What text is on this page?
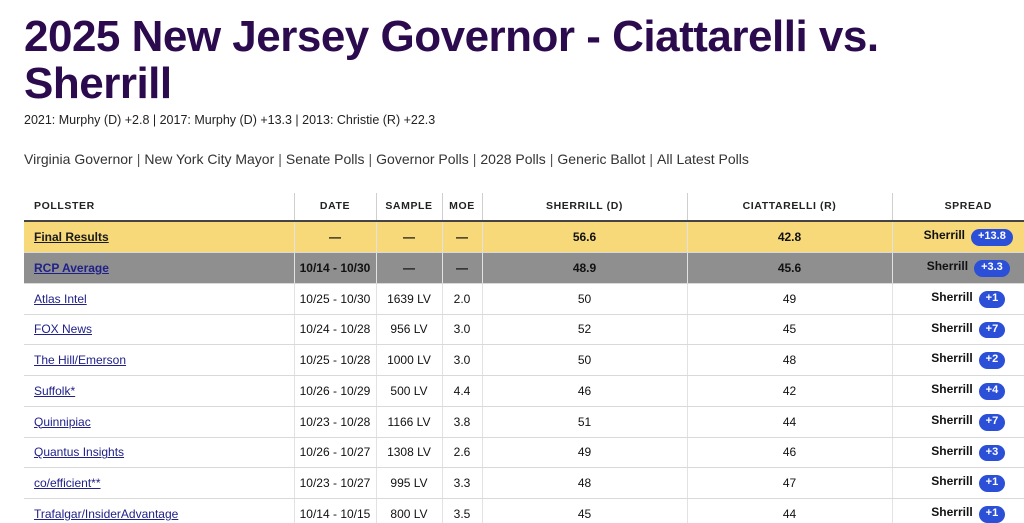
2025 New Jersey Governor - Ciattarelli vs. Sherrill
2021: Murphy (D) +2.8 | 2017: Murphy (D) +13.3 | 2013: Christie (R) +22.3
Virginia Governor | New York City Mayor | Senate Polls | Governor Polls | 2028 Polls | Generic Ballot | All Latest Polls
POLLSTER	DATE	SAMPLE	MOE	SHERRILL (D)	CIATTARELLI (R)	SPREAD
Final Results	—	—	—	56.6	42.8	Sherrill +13.8
RCP Average	10/14 - 10/30	—	—	48.9	45.6	Sherrill +3.3
Atlas Intel	10/25 - 10/30	1639 LV	2.0	50	49	Sherrill +1
FOX News	10/24 - 10/28	956 LV	3.0	52	45	Sherrill +7
The Hill/Emerson	10/25 - 10/28	1000 LV	3.0	50	48	Sherrill +2
Suffolk*	10/26 - 10/29	500 LV	4.4	46	42	Sherrill +4
Quinnipiac	10/23 - 10/28	1166 LV	3.8	51	44	Sherrill +7
Quantus Insights	10/26 - 10/27	1308 LV	2.6	49	46	Sherrill +3
co/efficient**	10/23 - 10/27	995 LV	3.3	48	47	Sherrill +1
Trafalgar/InsiderAdvantage	10/14 - 10/15	800 LV	3.5	45	44	Sherrill +1
